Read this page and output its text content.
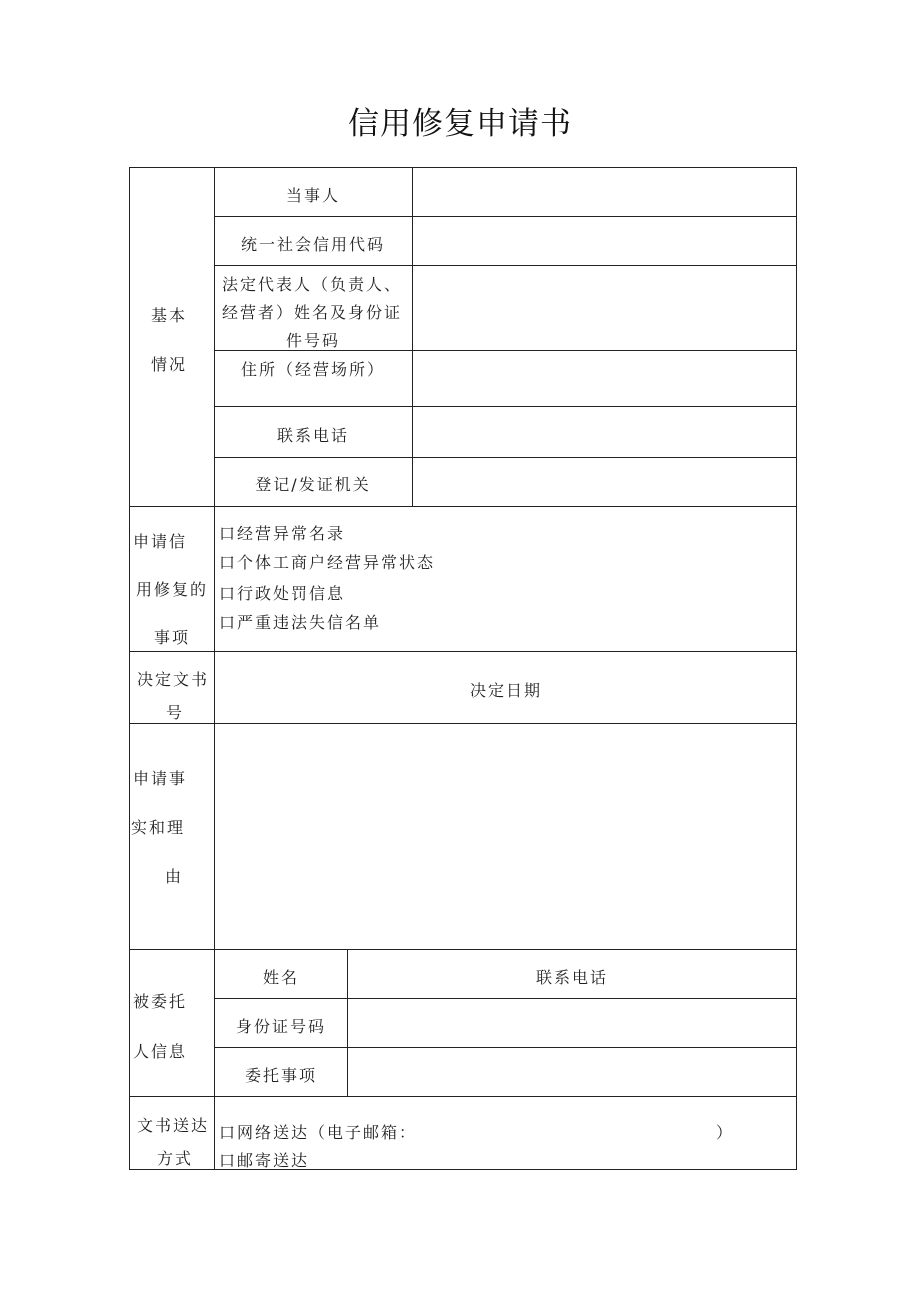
信用修复申请书
基本
情况
当事人
统一社会信用代码
法定代表人（负责人、
经营者）姓名及身份证
件号码
住所（经营场所）
联系电话
登记/发证机关
申请信
用修复的
事项
口经营异常名录
口个体工商户经营异常状态
口行政处罚信息
口严重违法失信名单
决定文书
号
决定日期
申请事
实和理
由
被委托
人信息
姓名	联系电话
身份证号码
委托事项
文书送达
方式
口网络送达（电子邮箱：	）
口邮寄送达
